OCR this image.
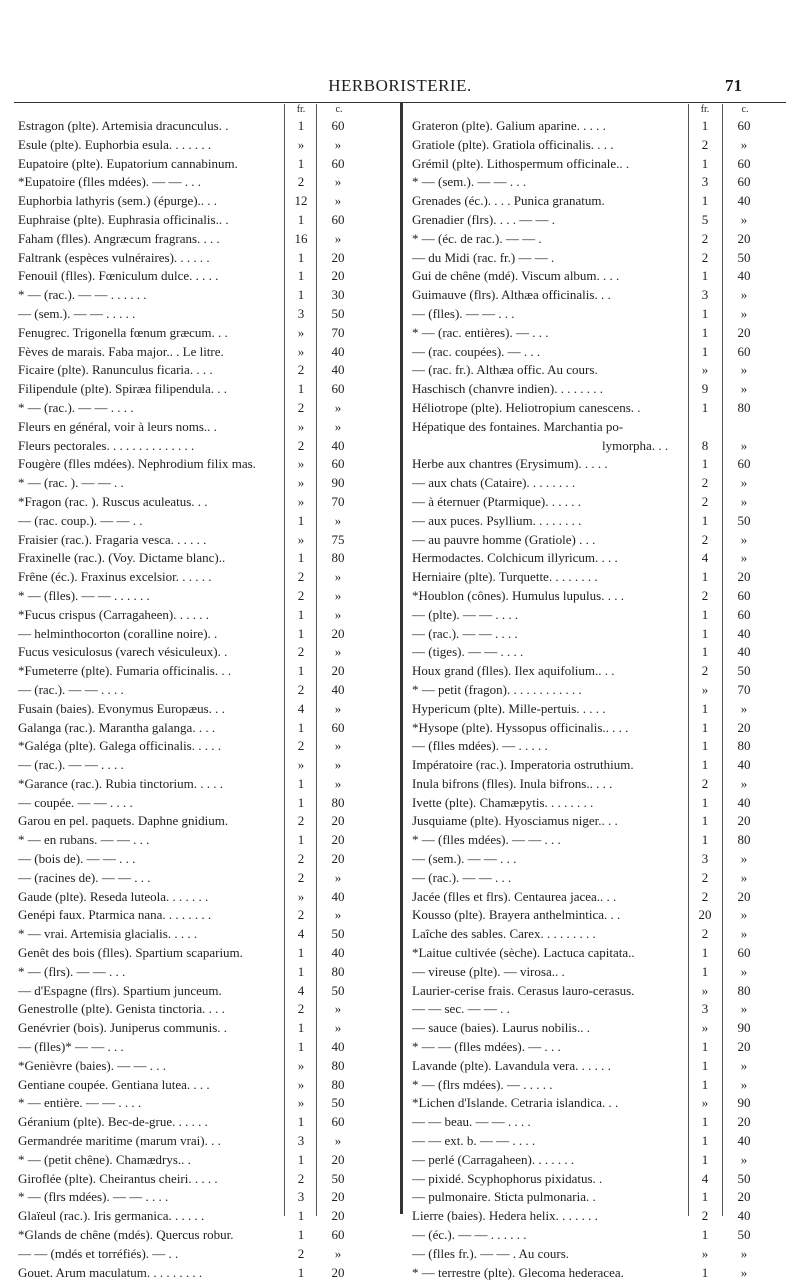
HERBORISTERIE.	71
fr.	c.
Estragon (plte). Artemisia dracunculus. .	1	60
Esule (plte). Euphorbia esula. . . . . . .	»	»
Eupatoire (plte). Eupatorium cannabinum.	1	60
*Eupatoire (flles mdées). — — . . .	2	»
Euphorbia lathyris (sem.) (épurge).. . .	12	»
Euphraise (plte). Euphrasia officinalis.. .	1	60
Faham (flles). Angræcum fragrans. . . .	16	»
Faltrank (espèces vulnéraires). . . . . .	1	20
Fenouil (flles). Fœniculum dulce. . . . .	1	20
* — (rac.). — — . . . . . .	1	30
— (sem.). — — . . . . .	3	50
Fenugrec. Trigonella fœnum græcum. . .	»	70
Fèves de marais. Faba major.. . Le litre.	»	40
Ficaire (plte). Ranunculus ficaria. . . .	2	40
Filipendule (plte). Spiræa filipendula. . .	1	60
* — (rac.). — — . . . .	2	»
Fleurs en général, voir à leurs noms.. .	»	»
Fleurs pectorales. . . . . . . . . . . . . .	2	40
Fougère (flles mdées). Nephrodium filix mas.	»	60
* — (rac. ). — — . .	»	90
*Fragon (rac. ). Ruscus aculeatus. . .	»	70
— (rac. coup.). — — . .	1	»
Fraisier (rac.). Fragaria vesca. . . . . .	»	75
Fraxinelle (rac.). (Voy. Dictame blanc)..	1	80
Frêne (éc.). Fraxinus excelsior. . . . . .	2	»
* — (flles). — — . . . . . .	2	»
*Fucus crispus (Carragaheen). . . . . .	1	»
— helminthocorton (coralline noire). .	1	20
Fucus vesiculosus (varech vésiculeux). .	2	»
*Fumeterre (plte). Fumaria officinalis. . .	1	20
— (rac.). — — . . . .	2	40
Fusain (baies). Evonymus Europæus. . .	4	»
Galanga (rac.). Marantha galanga. . . .	1	60
*Galéga (plte). Galega officinalis. . . . .	2	»
— (rac.). — — . . . .	»	»
*Garance (rac.). Rubia tinctorium. . . . .	1	»
— coupée. — — . . . .	1	80
Garou en pel. paquets. Daphne gnidium.	2	20
* — en rubans. — — . . .	1	20
— (bois de). — — . . .	2	20
— (racines de). — — . . .	2	»
Gaude (plte). Reseda luteola. . . . . . .	»	40
Genépi faux. Ptarmica nana. . . . . . . .	2	»
* — vrai. Artemisia glacialis. . . . .	4	50
Genêt des bois (flles). Spartium scaparium.	1	40
* — (flrs). — — . . .	1	80
— d'Espagne (flrs). Spartium junceum.	4	50
Genestrolle (plte). Genista tinctoria. . . .	2	»
Genévrier (bois). Juniperus communis. .	1	»
— (flles)* — — . . .	1	40
*Genièvre (baies). — — . . .	»	80
Gentiane coupée. Gentiana lutea. . . .	»	80
* — entière. — — . . . .	»	50
Géranium (plte). Bec-de-grue. . . . . .	1	60
Germandrée maritime (marum vrai). . .	3	»
* — (petit chêne). Chamædrys.. .	1	20
Giroflée (plte). Cheirantus cheiri. . . . .	2	50
* — (flrs mdées). — — . . . .	3	20
Glaïeul (rac.). Iris germanica. . . . . .	1	20
*Glands de chêne (mdés). Quercus robur.	1	60
— — (mdés et torréfiés). — . .	2	»
Gouet. Arum maculatum. . . . . . . . .	1	20
fr.	c.
Grateron (plte). Galium aparine. . . . .	1	60
Gratiole (plte). Gratiola officinalis. . . .	2	»
Grémil (plte). Lithospermum officinale.. .	1	60
* — (sem.). — — . . .	3	60
Grenades (éc.). . . . Punica granatum.	1	40
Grenadier (flrs). . . . — — .	5	»
* — (éc. de rac.). — — .	2	20
— du Midi (rac. fr.) — — .	2	50
Gui de chêne (mdé). Viscum album. . . .	1	40
Guimauve (flrs). Althæa officinalis. . .	3	»
— (flles). — — . . .	1	»
* — (rac. entières). — . . .	1	20
— (rac. coupées). — . . .	1	60
— (rac. fr.). Althæa offic. Au cours.	»	»
Haschisch (chanvre indien). . . . . . . .	9	»
Héliotrope (plte). Heliotropium canescens. .	1	80
Hépatique des fontaines. Marchantia po-
lymorpha. . .	8	»
Herbe aux chantres (Erysimum). . . . .	1	60
— aux chats (Cataire). . . . . . . .	2	»
— à éternuer (Ptarmique). . . . . .	2	»
— aux puces. Psyllium. . . . . . . .	1	50
— au pauvre homme (Gratiole) . . .	2	»
Hermodactes. Colchicum illyricum. . . .	4	»
Herniaire (plte). Turquette. . . . . . . .	1	20
*Houblon (cônes). Humulus lupulus. . . .	2	60
— (plte). — — . . . .	1	60
— (rac.). — — . . . .	1	40
— (tiges). — — . . . .	1	40
Houx grand (flles). Ilex aquifolium.. . .	2	50
* — petit (fragon). . . . . . . . . . . .	»	70
Hypericum (plte). Mille-pertuis. . . . .	1	»
*Hysope (plte). Hyssopus officinalis.. . . .	1	20
— (flles mdées). — . . . . .	1	80
Impératoire (rac.). Imperatoria ostruthium.	1	40
Inula bifrons (flles). Inula bifrons.. . . .	2	»
Ivette (plte). Chamæpytis. . . . . . . .	1	40
Jusquiame (plte). Hyosciamus niger.. . .	1	20
* — (flles mdées). — — . . .	1	80
— (sem.). — — . . .	3	»
— (rac.). — — . . .	2	»
Jacée (flles et flrs). Centaurea jacea.. . .	2	20
Kousso (plte). Brayera anthelmintica. . .	20	»
Laîche des sables. Carex. . . . . . . . .	2	»
*Laitue cultivée (sèche). Lactuca capitata..	1	60
— vireuse (plte). — virosa.. .	1	»
Laurier-cerise frais. Cerasus lauro-cerasus.	»	80
— — sec. — — . .	3	»
— sauce (baies). Laurus nobilis.. .	»	90
* — — (flles mdées). — . . .	1	20
Lavande (plte). Lavandula vera. . . . . .	1	»
* — (flrs mdées). — . . . . .	1	»
*Lichen d'Islande. Cetraria islandica. . .	»	90
— — beau. — — . . . .	1	20
— — ext. b. — — . . . .	1	40
— perlé (Carragaheen). . . . . . .	1	»
— pixidé. Scyphophorus pixidatus. .	4	50
— pulmonaire. Sticta pulmonaria. .	1	20
Lierre (baies). Hedera helix. . . . . . .	2	40
— (éc.). — — . . . . . .	1	50
— (flles fr.). — — . Au cours.	»	»
* — terrestre (plte). Glecoma hederacea.	1	»
